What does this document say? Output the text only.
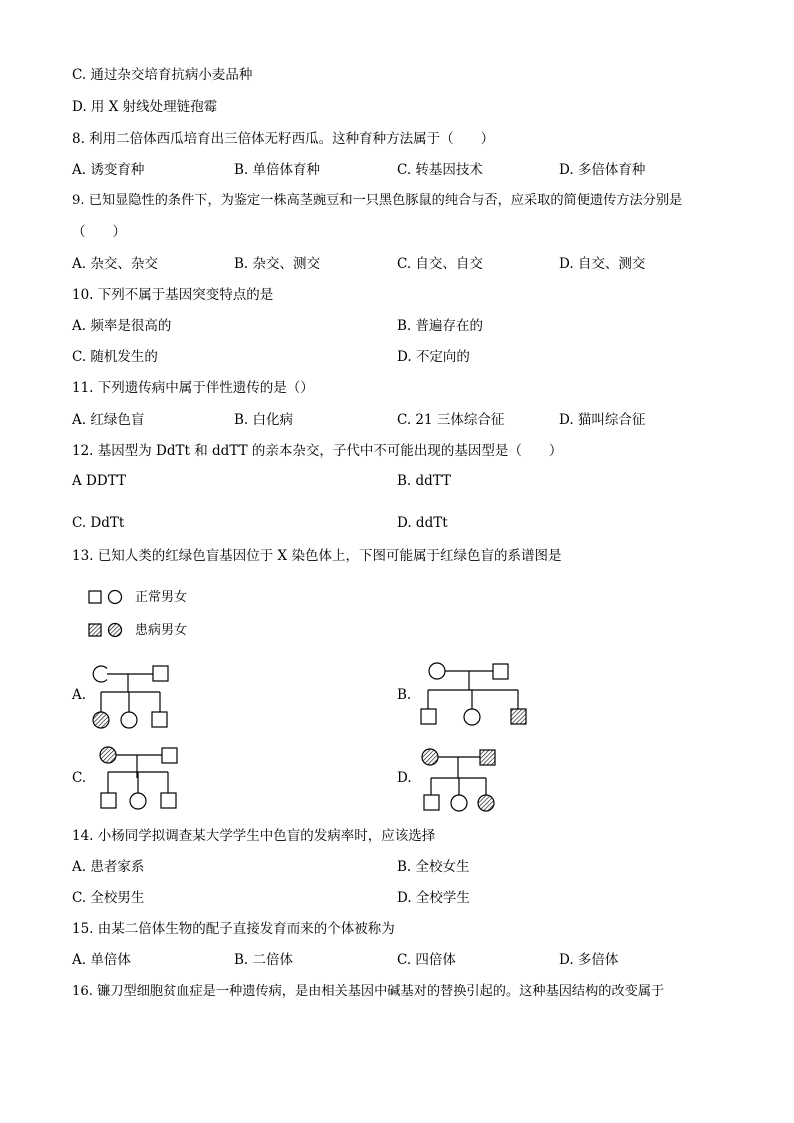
C. 通过杂交培育抗病小麦品种
D. 用 X 射线处理链孢霉
8. 利用二倍体西瓜培育出三倍体无籽西瓜。这种育种方法属于（　　）
A. 诱变育种	B. 单倍体育种	C. 转基因技术	D. 多倍体育种
9. 已知显隐性的条件下，为鉴定一株高茎豌豆和一只黑色豚鼠的纯合与否，应采取的简便遗传方法分别是
（　　）
A. 杂交、杂交	B. 杂交、测交	C. 自交、自交	D. 自交、测交
10. 下列不属于基因突变特点的是
A. 频率是很高的	B. 普遍存在的
C. 随机发生的	D. 不定向的
11. 下列遗传病中属于伴性遗传的是（）
A. 红绿色盲	B. 白化病	C. 21 三体综合征	D. 猫叫综合征
12. 基因型为 DdTt 和 ddTT 的亲本杂交，子代中不可能出现的基因型是（　　）
A DDTT	B. ddTT
C. DdTt	D. ddTt
13. 已知人类的红绿色盲基因位于 X 染色体上，下图可能属于红绿色盲的系谱图是
正常男女
患病男女
A.	B.
C.	D.
14. 小杨同学拟调查某大学学生中色盲的发病率时，应该选择
A. 患者家系	B. 全校女生
C. 全校男生	D. 全校学生
15. 由某二倍体生物的配子直接发育而来的个体被称为
A. 单倍体	B. 二倍体	C. 四倍体	D. 多倍体
16. 镰刀型细胞贫血症是一种遗传病，是由相关基因中碱基对的替换引起的。这种基因结构的改变属于
